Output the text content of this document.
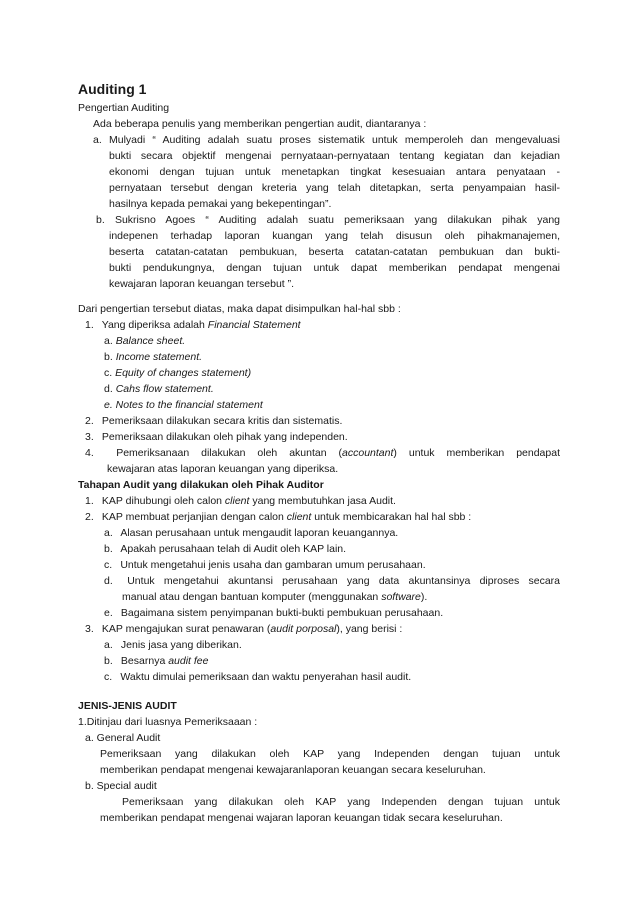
Auditing 1
Pengertian Auditing
Ada beberapa penulis yang memberikan pengertian audit, diantaranya :
a. Mulyadi “ Auditing adalah suatu proses sistematik untuk memperoleh dan mengevaluasi
bukti secara objektif mengenai pernyataan-pernyataan tentang kegiatan dan kejadian
ekonomi dengan tujuan untuk menetapkan tingkat kesesuaian antara penyataan -
pernyataan tersebut dengan kreteria yang telah ditetapkan, serta penyampaian hasil-
hasilnya kepada pemakai yang bekepentingan”.
b. Sukrisno Agoes “ Auditing adalah suatu pemeriksaan yang dilakukan pihak yang
indepenen terhadap laporan kuangan yang telah disusun oleh pihakmanajemen,
beserta catatan-catatan pembukuan, beserta catatan-catatan pembukuan dan bukti-
bukti pendukungnya, dengan tujuan untuk dapat memberikan pendapat mengenai
kewajaran laporan keuangan tersebut ”.
Dari pengertian tersebut diatas, maka dapat disimpulkan hal-hal sbb :
1.  Yang diperiksa adalah Financial Statement
a. Balance sheet.
b. Income statement.
c. Equity of changes statement)
d. Cahs flow statement.
e. Notes to the financial statement
2.  Pemeriksaan dilakukan secara kritis dan sistematis.
3.  Pemeriksaan dilakukan oleh pihak yang independen.
4.  Pemeriksanaan dilakukan oleh akuntan (accountant) untuk memberikan pendapat
kewajaran atas laporan keuangan yang diperiksa.
Tahapan Audit yang dilakukan oleh Pihak Auditor
1.  KAP dihubungi oleh calon client yang membutuhkan jasa Audit.
2.  KAP membuat perjanjian dengan calon client untuk membicarakan hal hal sbb :
a.  Alasan perusahaan untuk mengaudit laporan keuangannya.
b.  Apakah perusahaan telah di Audit oleh KAP lain.
c.  Untuk mengetahui jenis usaha dan gambaran umum perusahaan.
d.  Untuk mengetahui akuntansi perusahaan yang data akuntansinya diproses secara
manual atau dengan bantuan komputer (menggunakan software).
e.  Bagaimana sistem penyimpanan bukti-bukti pembukuan perusahaan.
3.  KAP mengajukan surat penawaran (audit porposal), yang berisi :
a.  Jenis jasa yang diberikan.
b.  Besarnya audit fee
c.  Waktu dimulai pemeriksaan dan waktu penyerahan hasil audit.
JENIS-JENIS AUDIT
1.Ditinjau dari luasnya Pemeriksaaan :
a. General Audit
Pemeriksaan yang dilakukan oleh KAP yang Independen dengan tujuan untuk
memberikan pendapat mengenai kewajaranlaporan keuangan secara keseluruhan.
b. Special audit
Pemeriksaan yang dilakukan oleh KAP yang Independen dengan tujuan untuk
memberikan pendapat mengenai wajaran laporan keuangan tidak secara keseluruhan.
